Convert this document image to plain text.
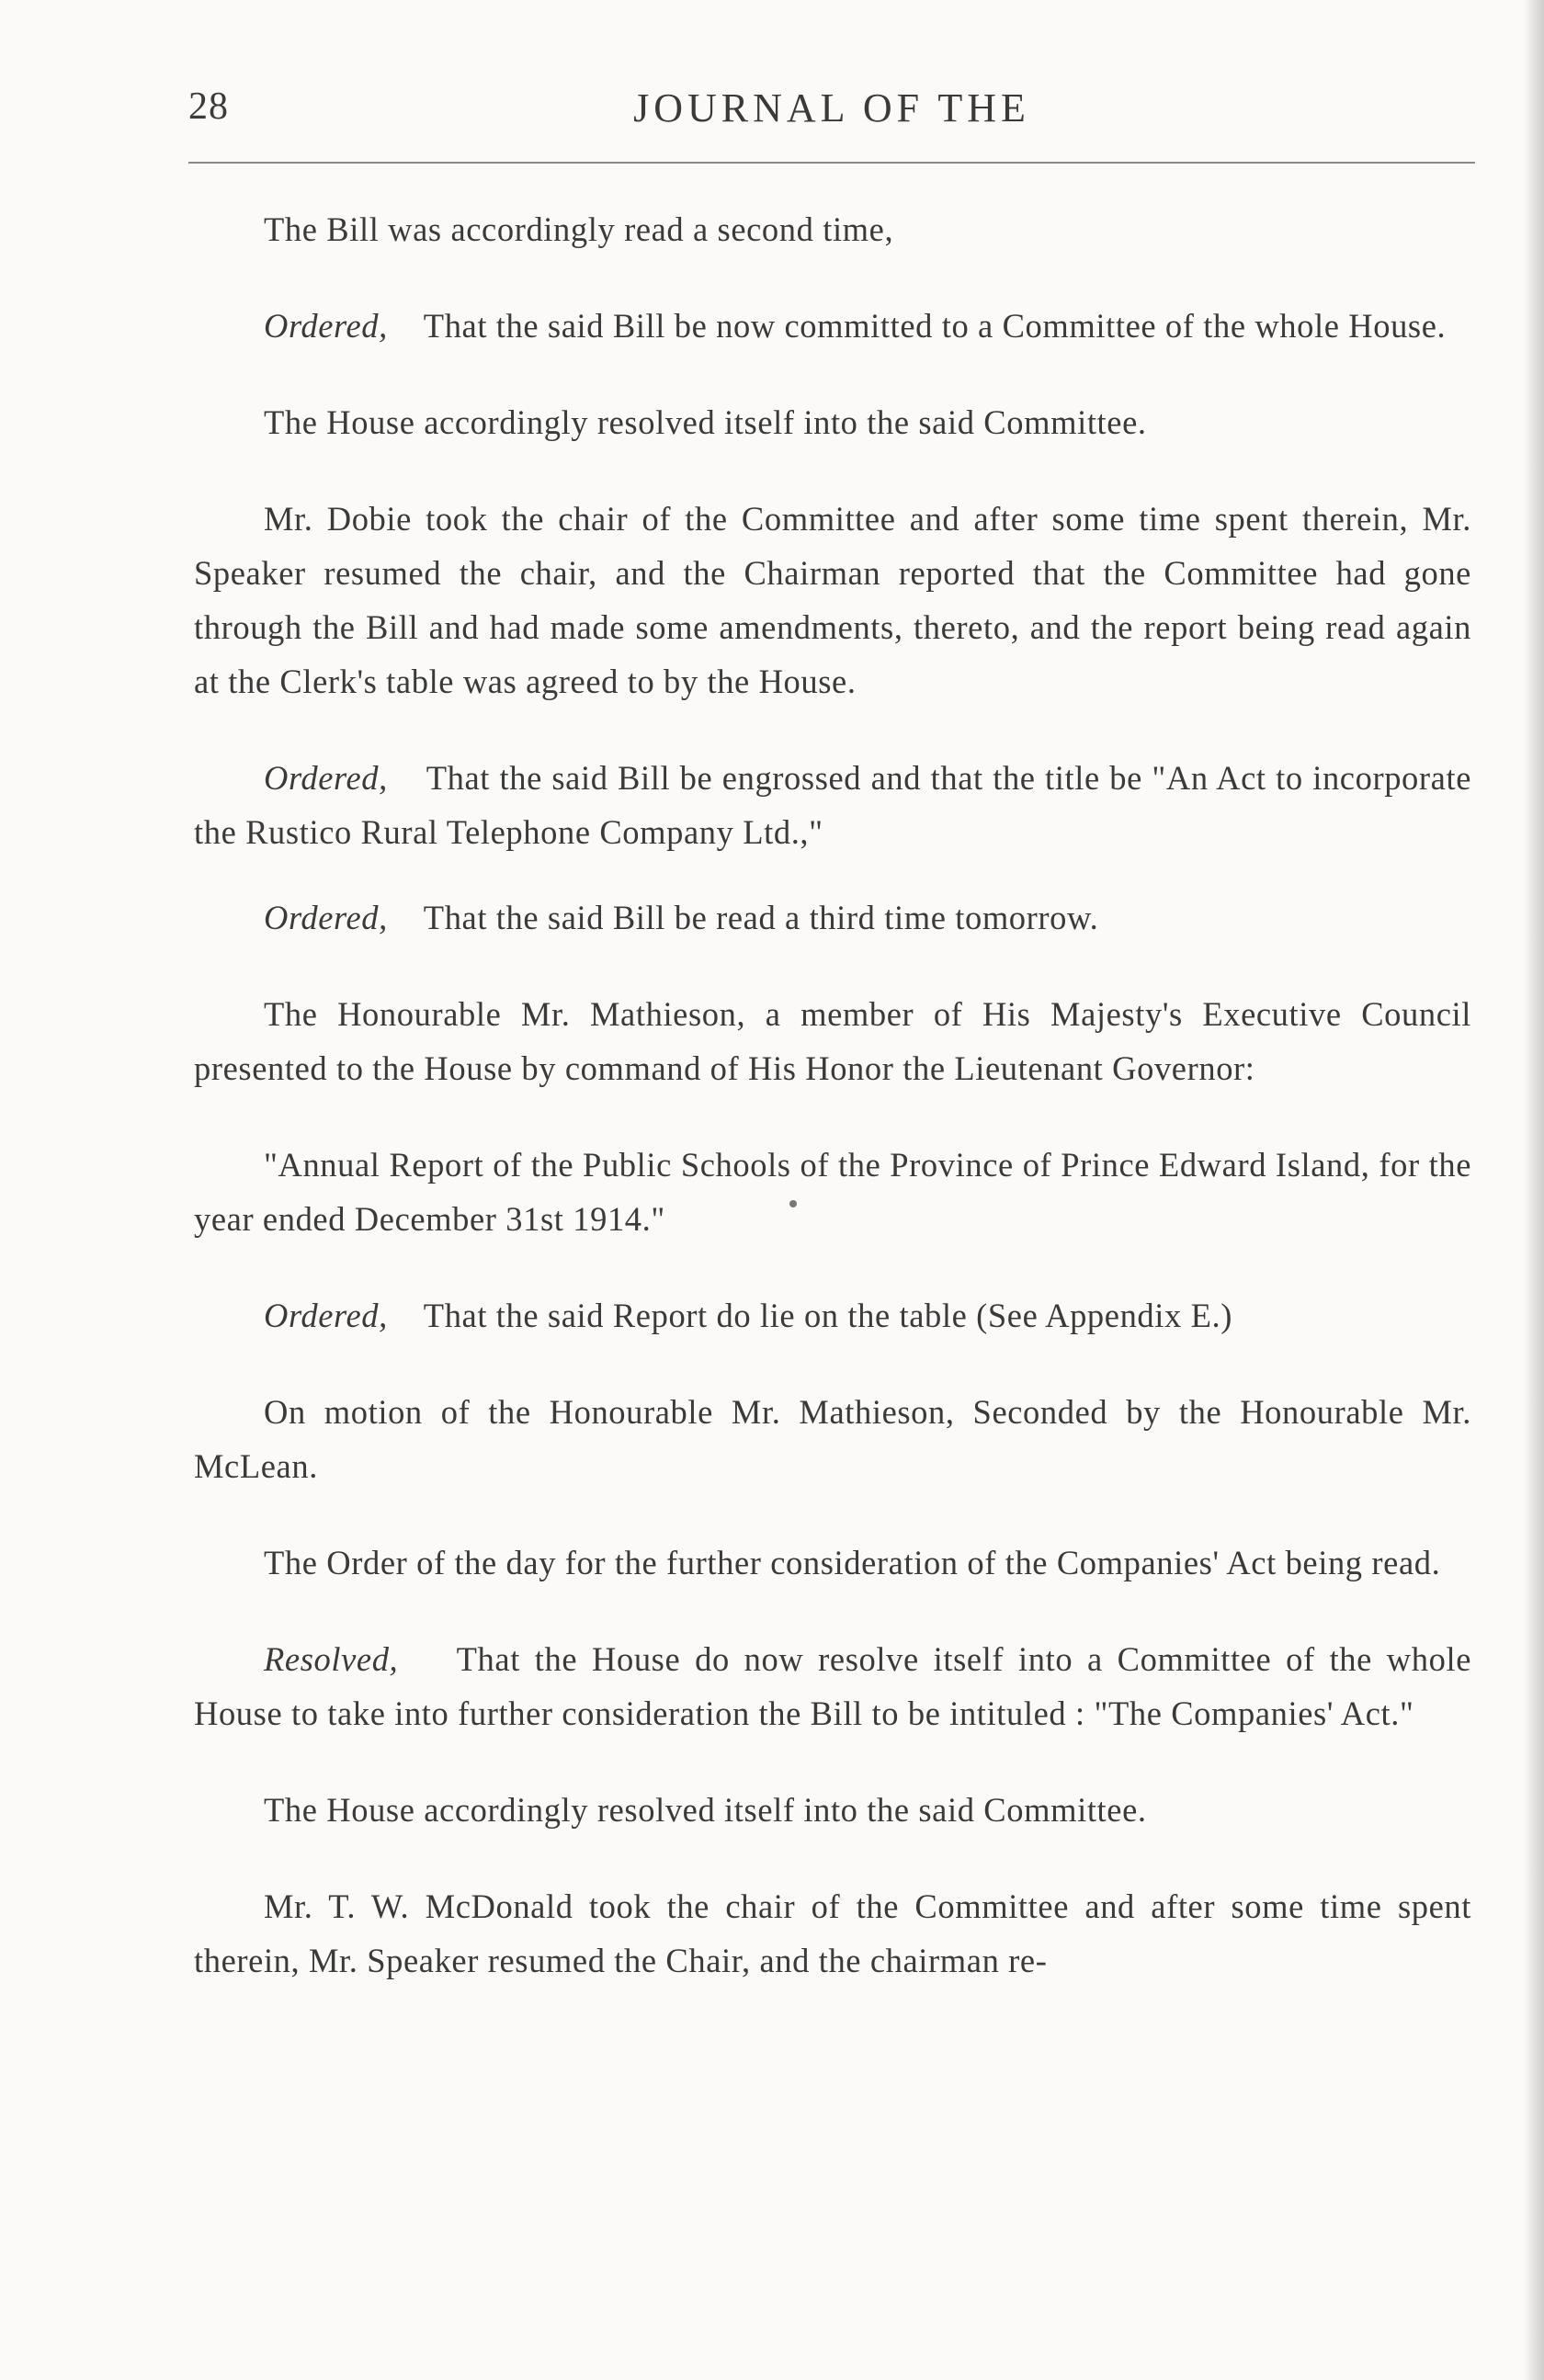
28	JOURNAL OF THE

The Bill was accordingly read a second time,

Ordered, That the said Bill be now committed to a Committee of the whole House.

The House accordingly resolved itself into the said Committee.

Mr. Dobie took the chair of the Committee and after some time spent therein, Mr. Speaker resumed the chair, and the Chairman reported that the Committee had gone through the Bill and had made some amendments, thereto, and the report being read again at the Clerk's table was agreed to by the House.

Ordered, That the said Bill be engrossed and that the title be "An Act to incorporate the Rustico Rural Telephone Company Ltd.,"

Ordered, That the said Bill be read a third time tomorrow.

The Honourable Mr. Mathieson, a member of His Majesty's Executive Council presented to the House by command of His Honor the Lieutenant Governor:

"Annual Report of the Public Schools of the Province of Prince Edward Island, for the year ended December 31st 1914."

Ordered, That the said Report do lie on the table (See Appendix E.)

On motion of the Honourable Mr. Mathieson, Seconded by the Honourable Mr. McLean.

The Order of the day for the further consideration of the Companies' Act being read.

Resolved, That the House do now resolve itself into a Committee of the whole House to take into further consideration the Bill to be intituled : "The Companies' Act."

The House accordingly resolved itself into the said Committee.

Mr. T. W. McDonald took the chair of the Committee and after some time spent therein, Mr. Speaker resumed the Chair, and the chairman re-
